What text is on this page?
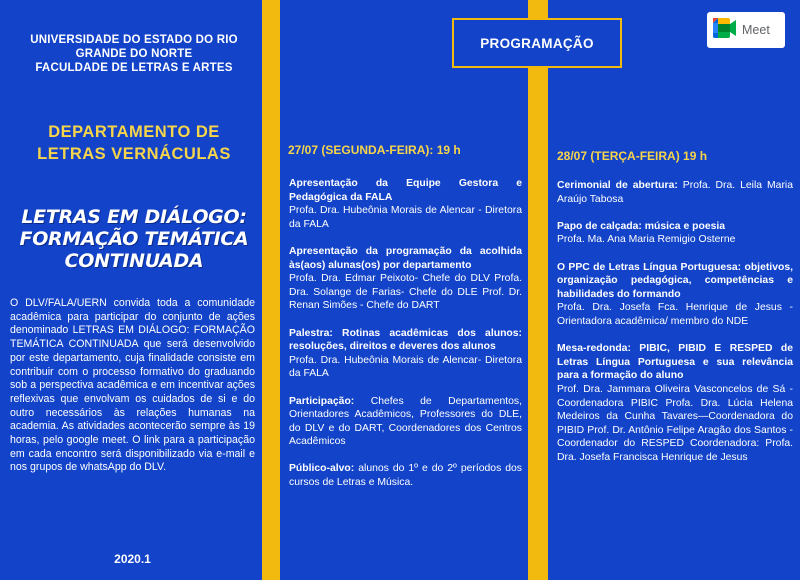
UNIVERSIDADE DO ESTADO DO RIO
GRANDE DO NORTE
FACULDADE DE LETRAS E ARTES
DEPARTAMENTO DE
LETRAS VERNÁCULAS
LETRAS EM DIÁLOGO:
FORMAÇÃO TEMÁTICA
CONTINUADA
O DLV/FALA/UERN convida toda a comunidade acadêmica para participar do conjunto de ações denominado LETRAS EM DIÁLOGO: FORMAÇÃO TEMÁTICA CONTINUADA que será desenvolvido por este departamento, cuja finalidade consiste em contribuir com o processo formativo do graduando sob a perspectiva acadêmica e em incentivar ações reflexivas que envolvam os cuidados de si e do outro necessários às relações humanas na academia. As atividades acontecerão sempre às 19 horas, pelo google meet. O link para a participação em cada encontro será disponibilizado via e-mail e nos grupos de whatsApp do DLV.
2020.1
PROGRAMAÇÃO
Meet
27/07 (SEGUNDA-FEIRA): 19 h
Apresentação da Equipe Gestora e Pedagógica da FALA
Profa. Dra. Hubeônia Morais de Alencar - Diretora da FALA
Apresentação da programação da acolhida às(aos) alunas(os) por departamento
Profa. Dra. Edmar Peixoto- Chefe do DLV Profa. Dra. Solange de Farias- Chefe do DLE Prof. Dr. Renan Simões - Chefe do DART
Palestra: Rotinas acadêmicas dos alunos: resoluções, direitos e deveres dos alunos
Profa. Dra. Hubeônia Morais de Alencar- Diretora da FALA
Participação: Chefes de Departamentos, Orientadores Acadêmicos, Professores do DLE, do DLV e do DART, Coordenadores dos Centros Acadêmicos
Público-alvo: alunos do 1º e do 2º períodos dos cursos de Letras e Música.
28/07 (TERÇA-FEIRA) 19 h
Cerimonial de abertura: Profa. Dra. Leila Maria Araújo Tabosa
Papo de calçada: música e poesia
Profa. Ma. Ana Maria Remigio Osterne
O PPC de Letras Língua Portuguesa: objetivos, organização pedagógica, competências e habilidades do formando
Profa. Dra. Josefa Fca. Henrique de Jesus - Orientadora acadêmica/ membro do NDE
Mesa-redonda: PIBIC, PIBID E RESPED de Letras Língua Portuguesa e sua relevância para a formação do aluno
Prof. Dra. Jammara Oliveira Vasconcelos de Sá - Coordenadora PIBIC Profa. Dra. Lúcia Helena Medeiros da Cunha Tavares—Coordenadora do PIBID Prof. Dr. Antônio Felipe Aragão dos Santos - Coordenador do RESPED Coordenadora: Profa. Dra. Josefa Francisca Henrique de Jesus
